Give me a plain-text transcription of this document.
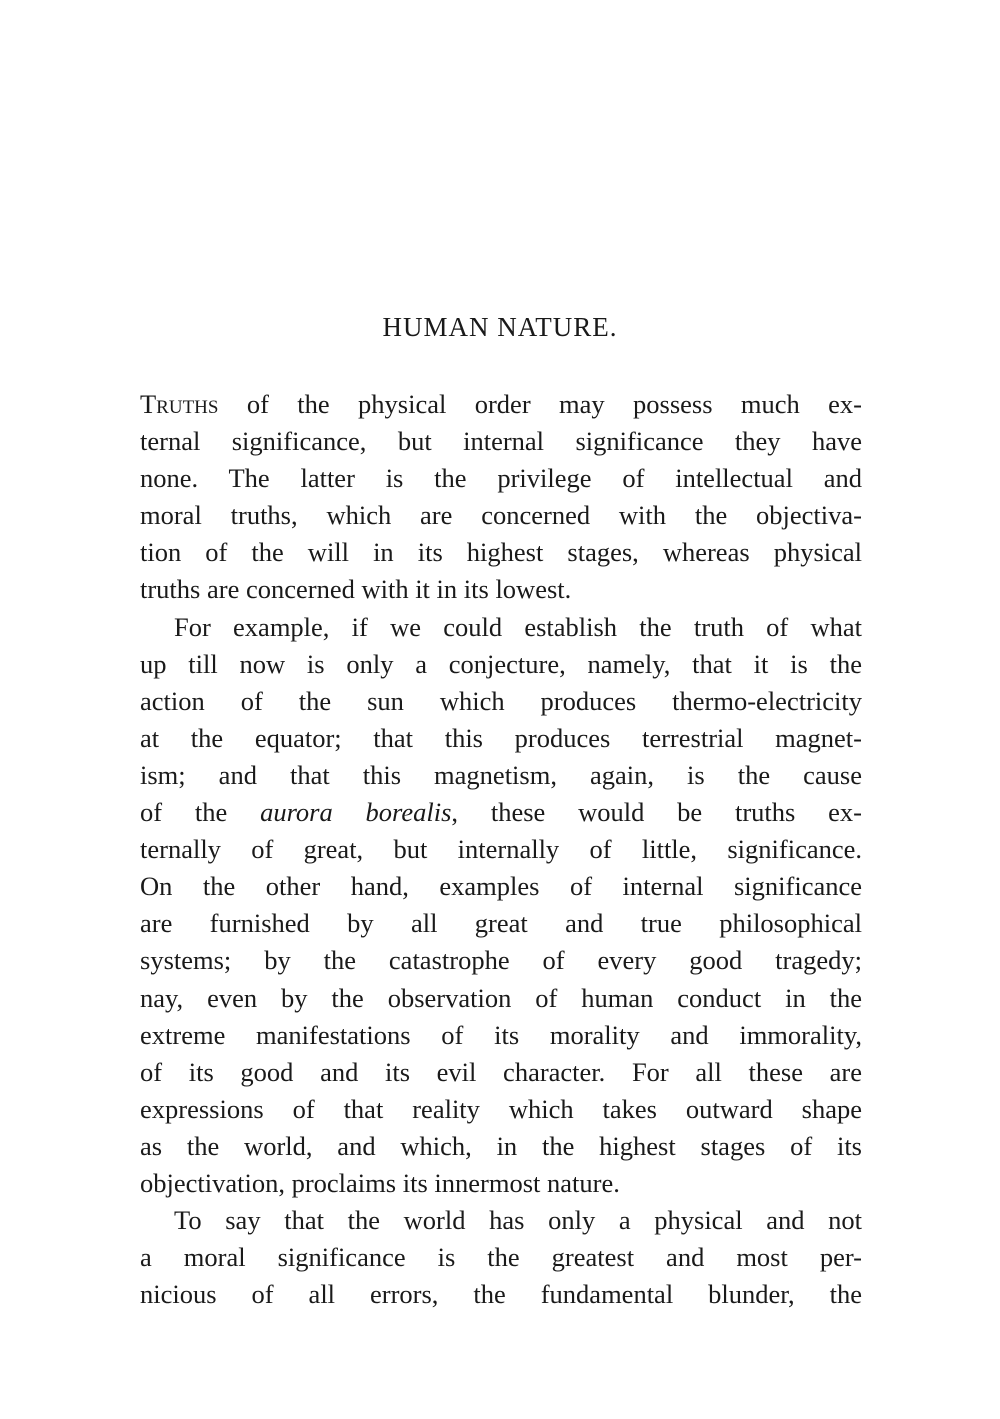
HUMAN NATURE.
Truths of the physical order may possess much ex-
ternal significance, but internal significance they have
none. The latter is the privilege of intellectual and
moral truths, which are concerned with the objectiva-
tion of the will in its highest stages, whereas physical
truths are concerned with it in its lowest.
For example, if we could establish the truth of what
up till now is only a conjecture, namely, that it is the
action of the sun which produces thermo-electricity
at the equator; that this produces terrestrial magnet-
ism; and that this magnetism, again, is the cause
of the aurora borealis, these would be truths ex-
ternally of great, but internally of little, significance.
On the other hand, examples of internal significance
are furnished by all great and true philosophical
systems; by the catastrophe of every good tragedy;
nay, even by the observation of human conduct in the
extreme manifestations of its morality and immorality,
of its good and its evil character. For all these are
expressions of that reality which takes outward shape
as the world, and which, in the highest stages of its
objectivation, proclaims its innermost nature.
To say that the world has only a physical and not
a moral significance is the greatest and most per-
nicious of all errors, the fundamental blunder, the
